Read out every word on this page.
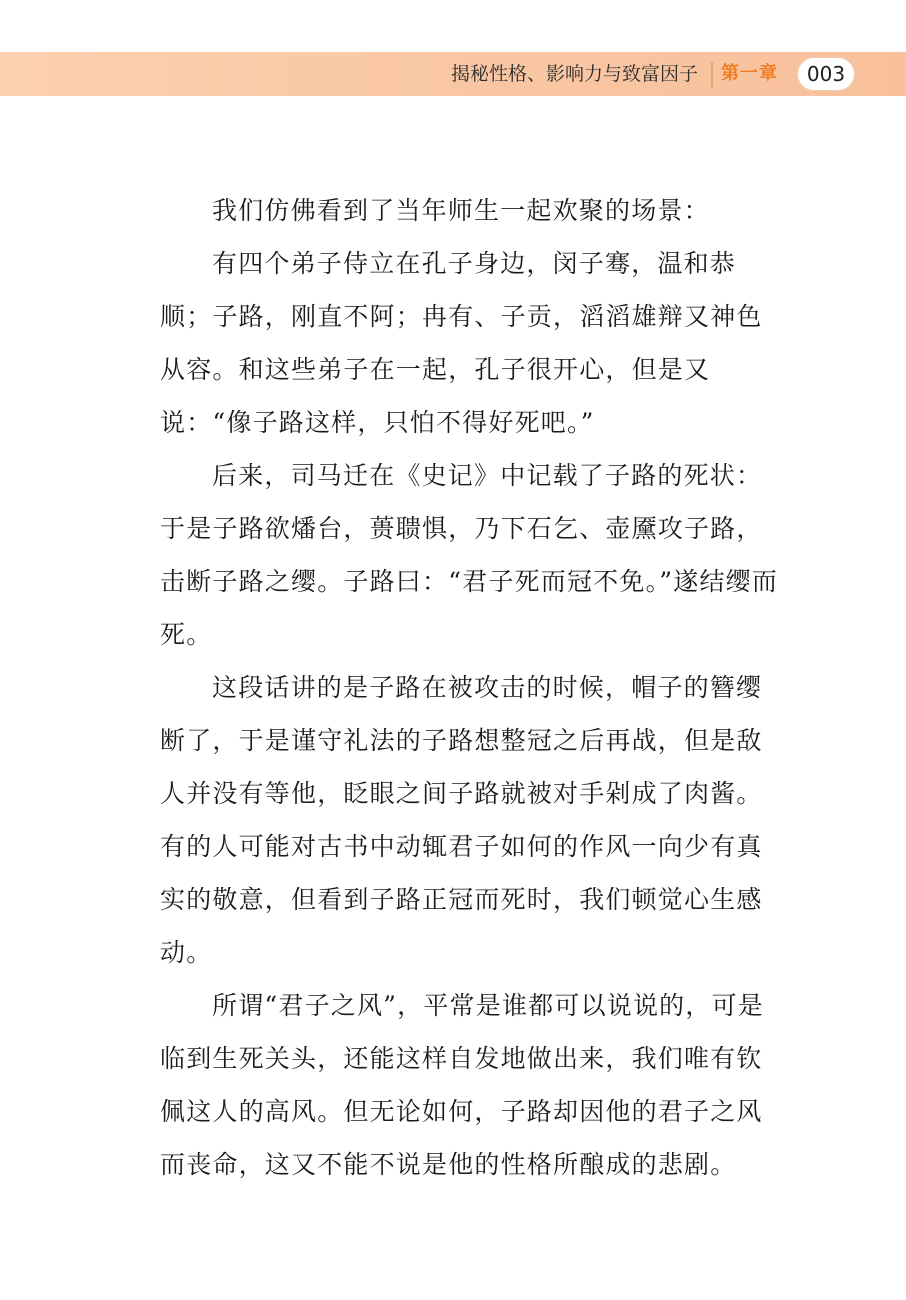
揭秘性格、影响力与致富因子 第一章	003

我们仿佛看到了当年师生一起欢聚的场景：

有四个弟子侍立在孔子身边，闵子骞，温和恭顺；子路，刚直不阿；冉有、子贡，滔滔雄辩又神色从容。和这些弟子在一起，孔子很开心，但是又说：“像子路这样，只怕不得好死吧。”

后来，司马迁在《史记》中记载了子路的死状：于是子路欲燔台，蒉聩惧，乃下石乞、壶黡攻子路，击断子路之缨。子路曰：“君子死而冠不免。”遂结缨而死。

这段话讲的是子路在被攻击的时候，帽子的簪缨断了，于是谨守礼法的子路想整冠之后再战，但是敌人并没有等他，眨眼之间子路就被对手剁成了肉酱。有的人可能对古书中动辄君子如何的作风一向少有真实的敬意，但看到子路正冠而死时，我们顿觉心生感动。

所谓“君子之风”，平常是谁都可以说说的，可是临到生死关头，还能这样自发地做出来，我们唯有钦佩这人的高风。但无论如何，子路却因他的君子之风而丧命，这又不能不说是他的性格所酿成的悲剧。
